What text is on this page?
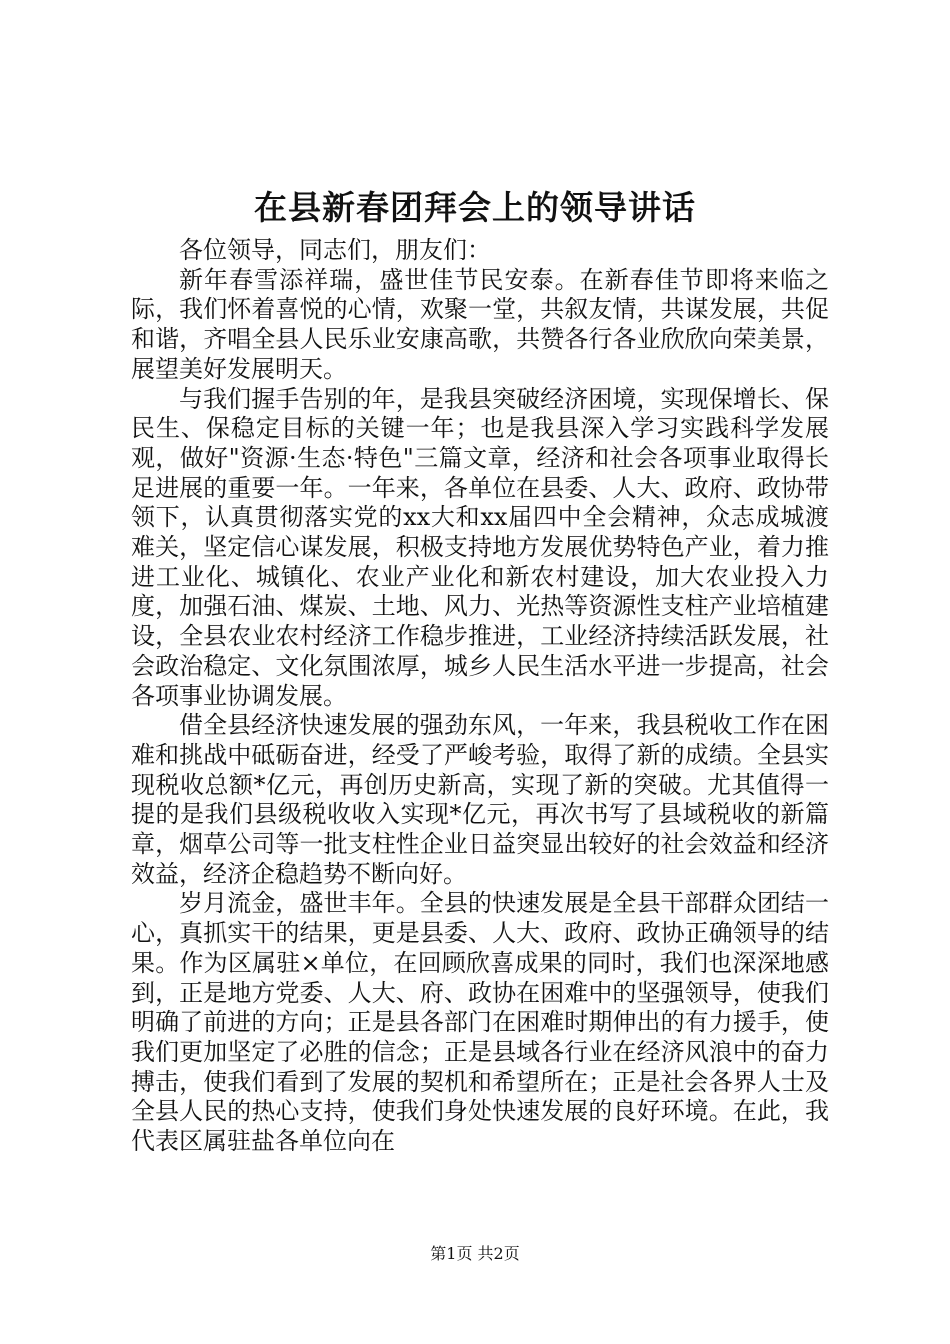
在县新春团拜会上的领导讲话

各位领导，同志们，朋友们：

新年春雪添祥瑞，盛世佳节民安泰。在新春佳节即将来临之际，我们怀着喜悦的心情，欢聚一堂，共叙友情，共谋发展，共促和谐，齐唱全县人民乐业安康高歌，共赞各行各业欣欣向荣美景，展望美好发展明天。

与我们握手告别的年，是我县突破经济困境，实现保增长、保民生、保稳定目标的关键一年；也是我县深入学习实践科学发展观，做好"资源·生态·特色"三篇文章，经济和社会各项事业取得长足进展的重要一年。一年来，各单位在县委、人大、政府、政协带领下，认真贯彻落实党的xx大和xx届四中全会精神，众志成城渡难关，坚定信心谋发展，积极支持地方发展优势特色产业，着力推进工业化、城镇化、农业产业化和新农村建设，加大农业投入力度，加强石油、煤炭、土地、风力、光热等资源性支柱产业培植建设，全县农业农村经济工作稳步推进，工业经济持续活跃发展，社会政治稳定、文化氛围浓厚，城乡人民生活水平进一步提高，社会各项事业协调发展。

借全县经济快速发展的强劲东风，一年来，我县税收工作在困难和挑战中砥砺奋进，经受了严峻考验，取得了新的成绩。全县实现税收总额*亿元，再创历史新高，实现了新的突破。尤其值得一提的是我们县级税收收入实现*亿元，再次书写了县域税收的新篇章，烟草公司等一批支柱性企业日益突显出较好的社会效益和经济效益，经济企稳趋势不断向好。

岁月流金，盛世丰年。全县的快速发展是全县干部群众团结一心，真抓实干的结果，更是县委、人大、政府、政协正确领导的结果。作为区属驻×单位，在回顾欣喜成果的同时，我们也深深地感到，正是地方党委、人大、府、政协在困难中的坚强领导，使我们明确了前进的方向；正是县各部门在困难时期伸出的有力援手，使我们更加坚定了必胜的信念；正是县域各行业在经济风浪中的奋力搏击，使我们看到了发展的契机和希望所在；正是社会各界人士及全县人民的热心支持，使我们身处快速发展的良好环境。在此，我代表区属驻盐各单位向在

第1页 共2页
